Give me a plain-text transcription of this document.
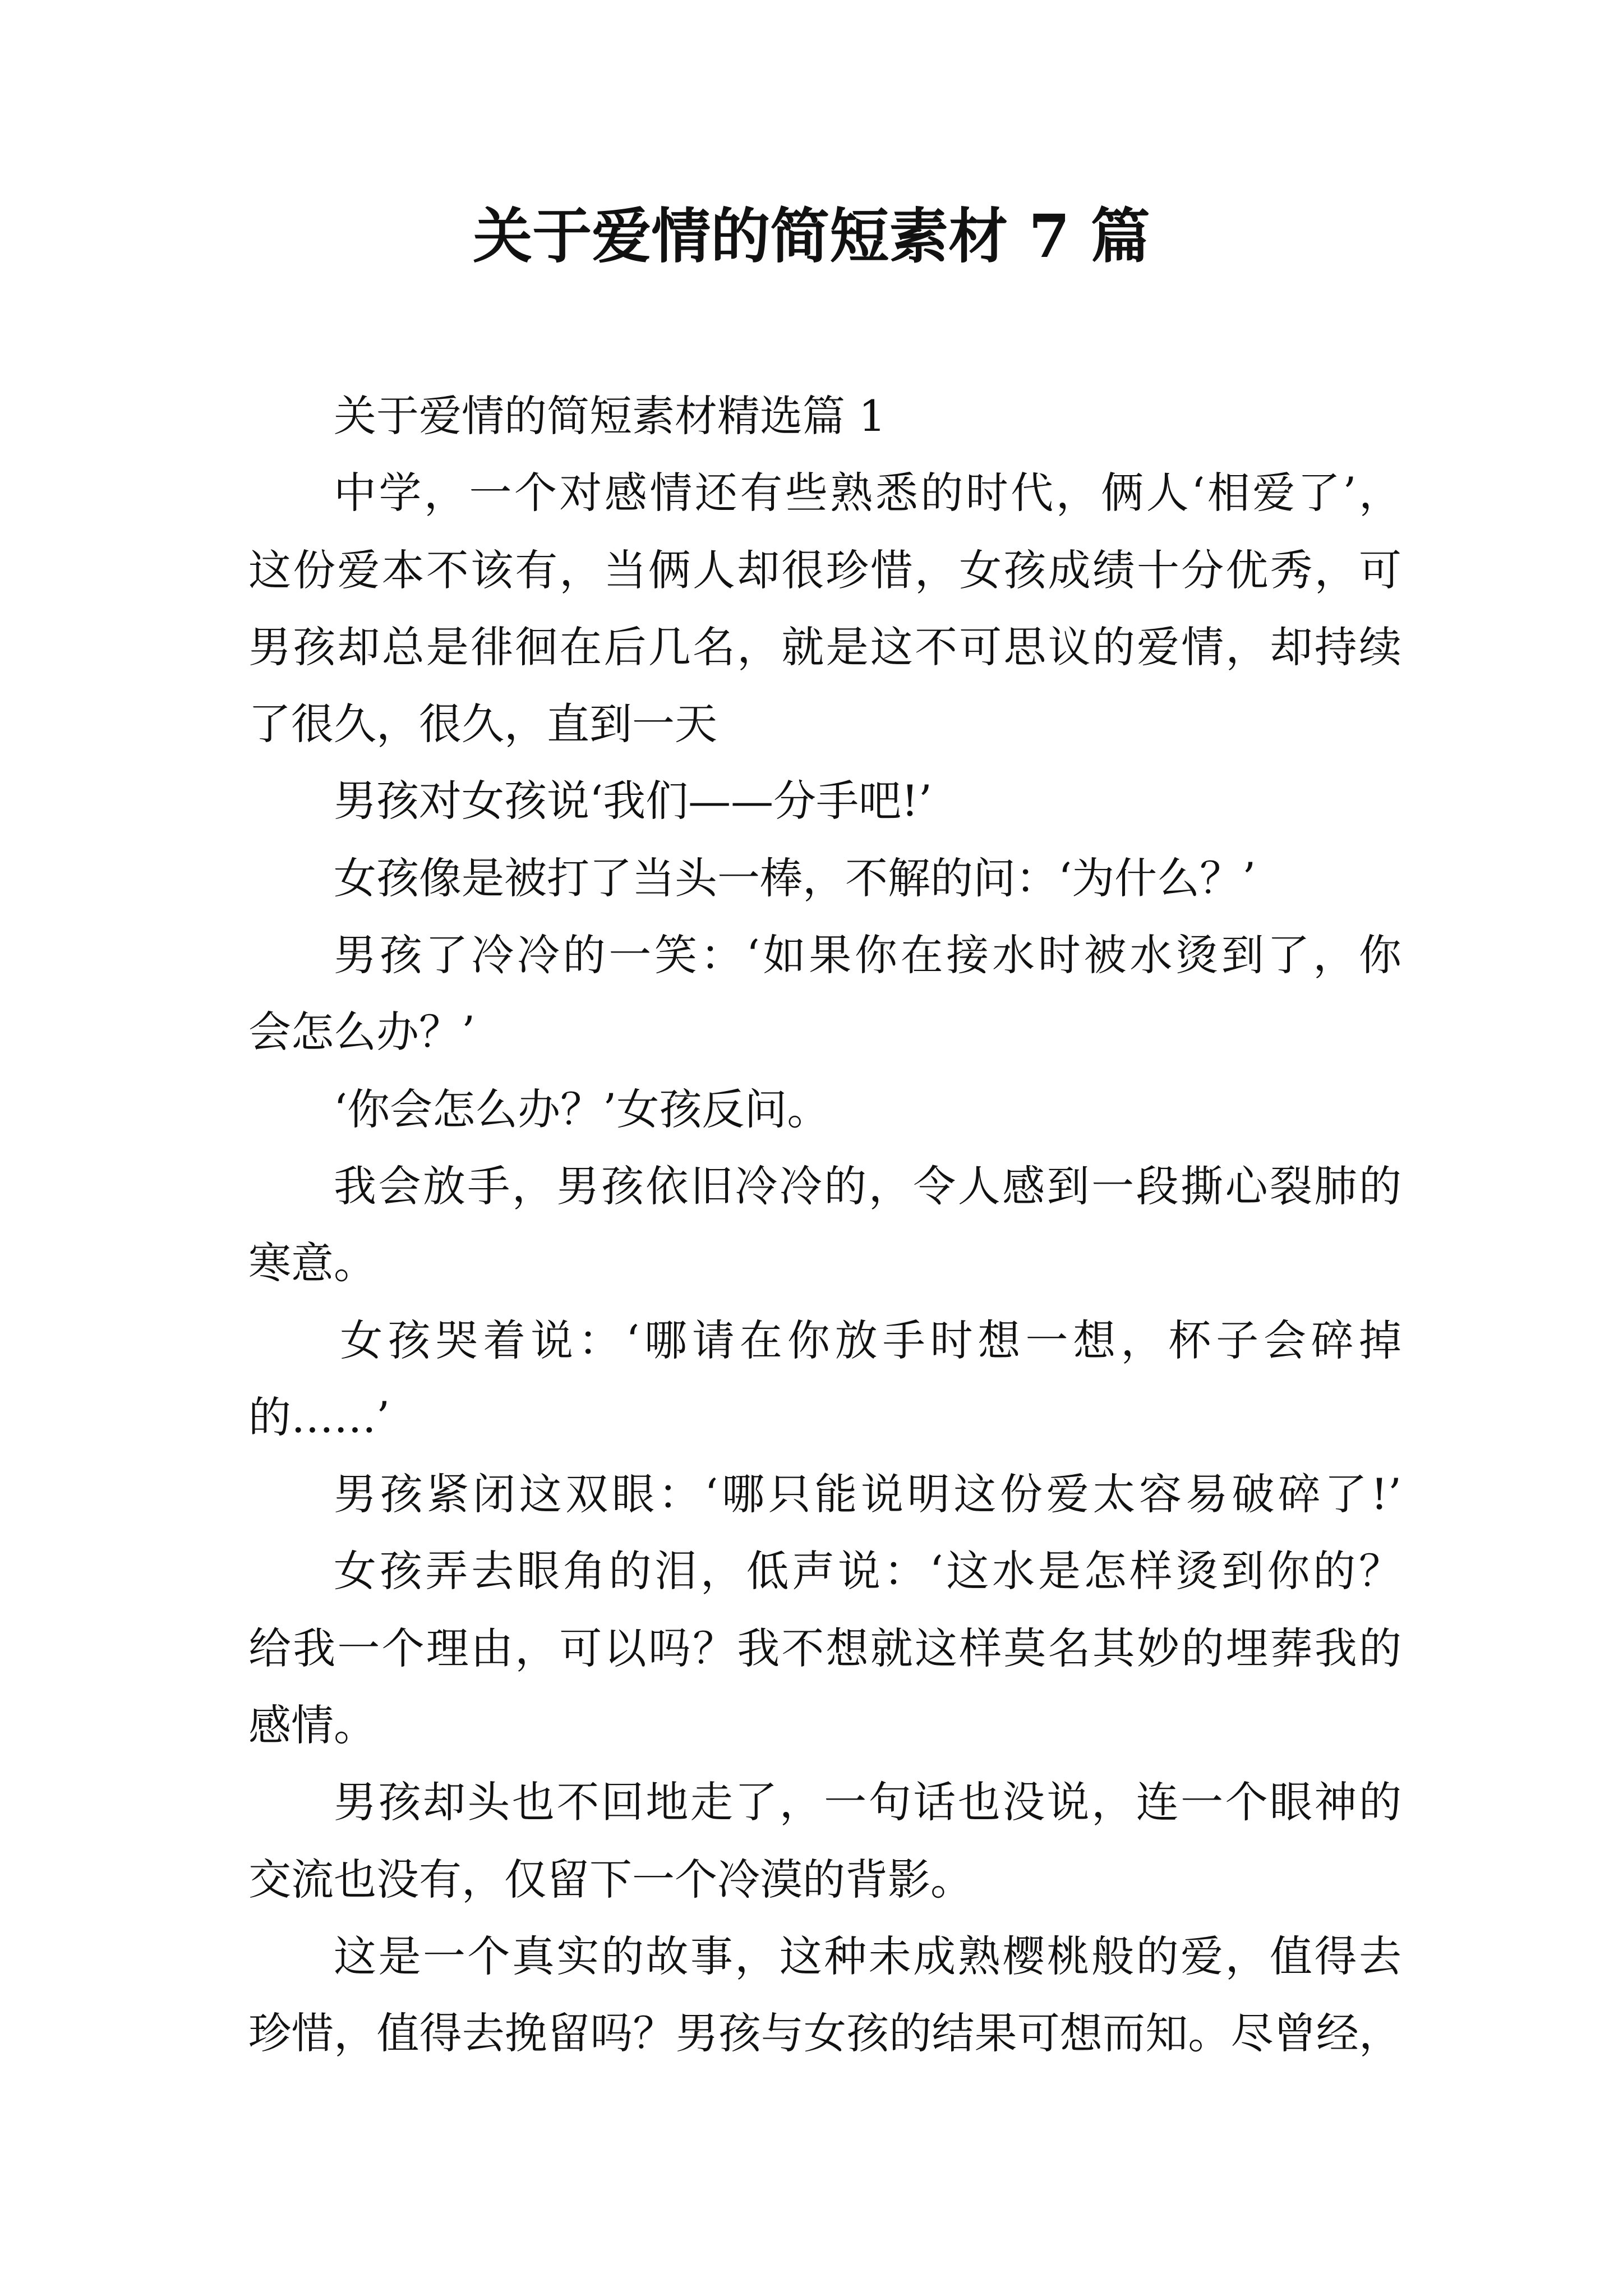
关于爱情的简短素材 7 篇
关于爱情的简短素材精选篇 1
中学，一个对感情还有些熟悉的时代，俩人‘相爱了’，
这份爱本不该有，当俩人却很珍惜，女孩成绩十分优秀，可
男孩却总是徘徊在后几名，就是这不可思议的爱情，却持续
了很久，很久，直到一天
男孩对女孩说‘我们——分手吧!’
女孩像是被打了当头一棒，不解的问：‘为什么？’
男孩了冷冷的一笑：‘如果你在接水时被水烫到了，你
会怎么办？’
‘你会怎么办？’女孩反问。
我会放手，男孩依旧冷冷的，令人感到一段撕心裂肺的
寒意。
女孩哭着说：‘哪请在你放手时想一想，杯子会碎掉
的……’
男孩紧闭这双眼：‘哪只能说明这份爱太容易破碎了!’
女孩弄去眼角的泪，低声说：‘这水是怎样烫到你的？
给我一个理由，可以吗？我不想就这样莫名其妙的埋葬我的
感情。
男孩却头也不回地走了，一句话也没说，连一个眼神的
交流也没有，仅留下一个冷漠的背影。
这是一个真实的故事，这种未成熟樱桃般的爱，值得去
珍惜，值得去挽留吗？男孩与女孩的结果可想而知。尽曾经，
